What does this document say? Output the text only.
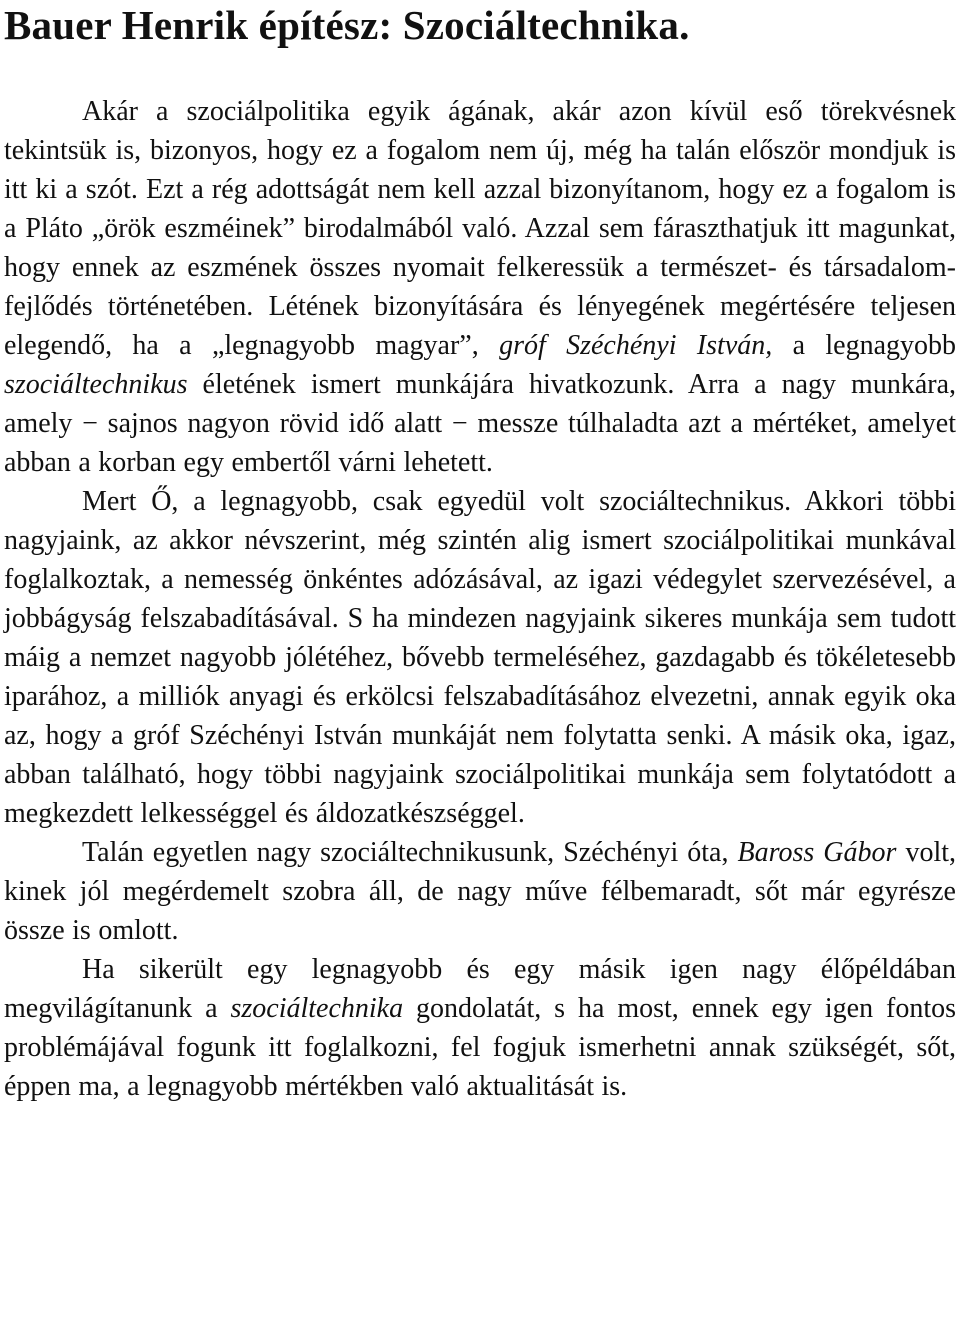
Bauer Henrik építész: Szociáltechnika.

Akár a szociálpolitika egyik ágának, akár azon kívül eső törekvésnek tekintsük is, bizonyos, hogy ez a fogalom nem új, még ha talán először mondjuk is itt ki a szót. Ezt a rég adottságát nem kell azzal bizonyítanom, hogy ez a fogalom is a Pláto „örök eszméinek” birodalmából való. Azzal sem fáraszthatjuk itt magunkat, hogy ennek az eszmének összes nyomait felkeressük a természet- és társadalom-fejlődés történetében. Létének bizonyítására és lényegének megértésére teljesen elegendő, ha a „legnagyobb magyar”, gróf Széchényi István, a legnagyobb szociáltechnikus életének ismert munkájára hivatkozunk. Arra a nagy munkára, amely − sajnos nagyon rövid idő alatt − messze túlhaladta azt a mértéket, amelyet abban a korban egy embertől várni lehetett.

Mert Ő, a legnagyobb, csak egyedül volt szociáltechnikus. Akkori többi nagyjaink, az akkor névszerint, még szintén alig ismert szociálpolitikai munkával foglalkoztak, a nemesség önkéntes adózásával, az igazi védegylet szervezésével, a jobbágyság felszabadításával. S ha mindezen nagyjaink sikeres munkája sem tudott máig a nemzet nagyobb jólétéhez, bővebb termeléséhez, gazdagabb és tökéletesebb iparához, a milliók anyagi és erkölcsi felszabadításához elvezetni, annak egyik oka az, hogy a gróf Széchényi István munkáját nem folytatta senki. A másik oka, igaz, abban található, hogy többi nagyjaink szociálpolitikai munkája sem folytatódott a megkezdett lelkességgel és áldozatkészséggel.

Talán egyetlen nagy szociáltechnikusunk, Széchényi óta, Baross Gábor volt, kinek jól megérdemelt szobra áll, de nagy műve félbemaradt, sőt már egyrésze össze is omlott.

Ha sikerült egy legnagyobb és egy másik igen nagy élőpéldában megvilágítanunk a szociáltechnika gondolatát, s ha most, ennek egy igen fontos problémájával fogunk itt foglalkozni, fel fogjuk ismerhetni annak szükségét, sőt, éppen ma, a legnagyobb mértékben való aktualitását is.
